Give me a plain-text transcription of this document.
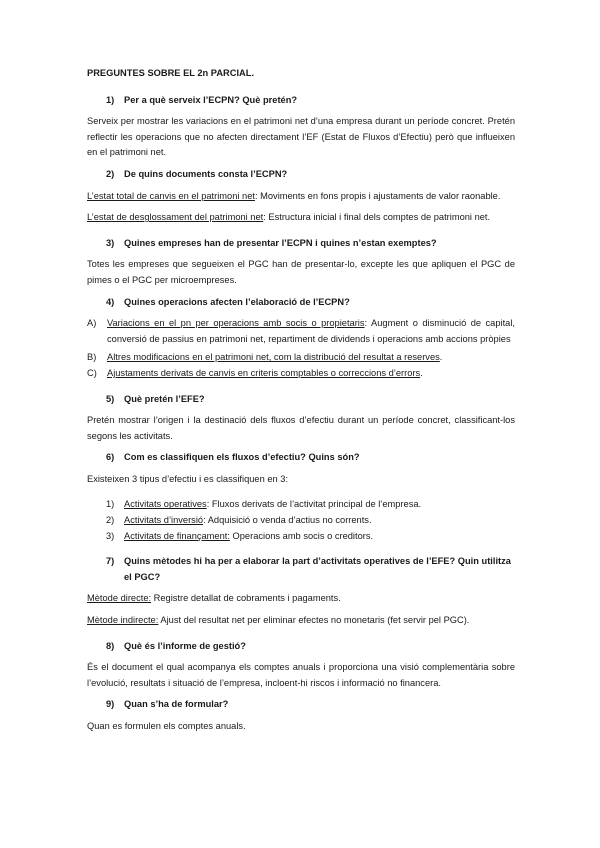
PREGUNTES SOBRE EL 2n PARCIAL.
1)	Per a què serveix l’ECPN? Què pretén?

Serveix per mostrar les variacions en el patrimoni net d’una empresa durant un període concret. Pretén reflectir les operacions que no afecten directament l’EF (Estat de Fluxos d’Efectiu) però que influeixen en el patrimoni net.

2)	De quins documents consta l’ECPN?

L’estat total de canvis en el patrimoni net: Moviments en fons propis i ajustaments de valor raonable.

L’estat de desglossament del patrimoni net: Estructura inicial i final dels comptes de patrimoni net.

3)	Quines empreses han de presentar l’ECPN i quines n’estan exemptes?

Totes les empreses que segueixen el PGC han de presentar-lo, excepte les que apliquen el PGC de pimes o el PGC per microempreses.

4)	Quines operacions afecten l’elaboració de l’ECPN?
A)	Variacions en el pn per operacions amb socis o propietaris: Augment o disminució de capital, conversió de passius en patrimoni net, repartiment de dividends i operacions amb accions pròpies
B)	Altres modificacions en el patrimoni net, com la distribució del resultat a reserves.
C)	Ajustaments derivats de canvis en criteris comptables o correccions d’errors.
5)	Què pretén l’EFE?

Pretén mostrar l’origen i la destinació dels fluxos d’efectiu durant un període concret, classificant-los segons les activitats.

6)	Com es classifiquen els fluxos d’efectiu? Quins són?

Existeixen 3 tipus d’efectiu i es classifiquen en 3:

1)	Activitats operatives: Fluxos derivats de l’activitat principal de l’empresa.
2)	Activitats d’inversió: Adquisició o venda d’actius no corrents.
3)	Activitats de finançament: Operacions amb socis o creditors.
7)	Quins mètodes hi ha per a elaborar la part d’activitats operatives de l’EFE? Quin utilitza el PGC?

Mètode directe: Registre detallat de cobraments i pagaments.

Mètode indirecte: Ajust del resultat net per eliminar efectes no monetaris (fet servir pel PGC).

8)	Què és l’informe de gestió?

És el document el qual acompanya els comptes anuals i proporciona una visió complementària sobre l’evolució, resultats i situació de l’empresa, incloent-hi riscos i informació no financera.

9)	Quan s’ha de formular?

Quan es formulen els comptes anuals.
